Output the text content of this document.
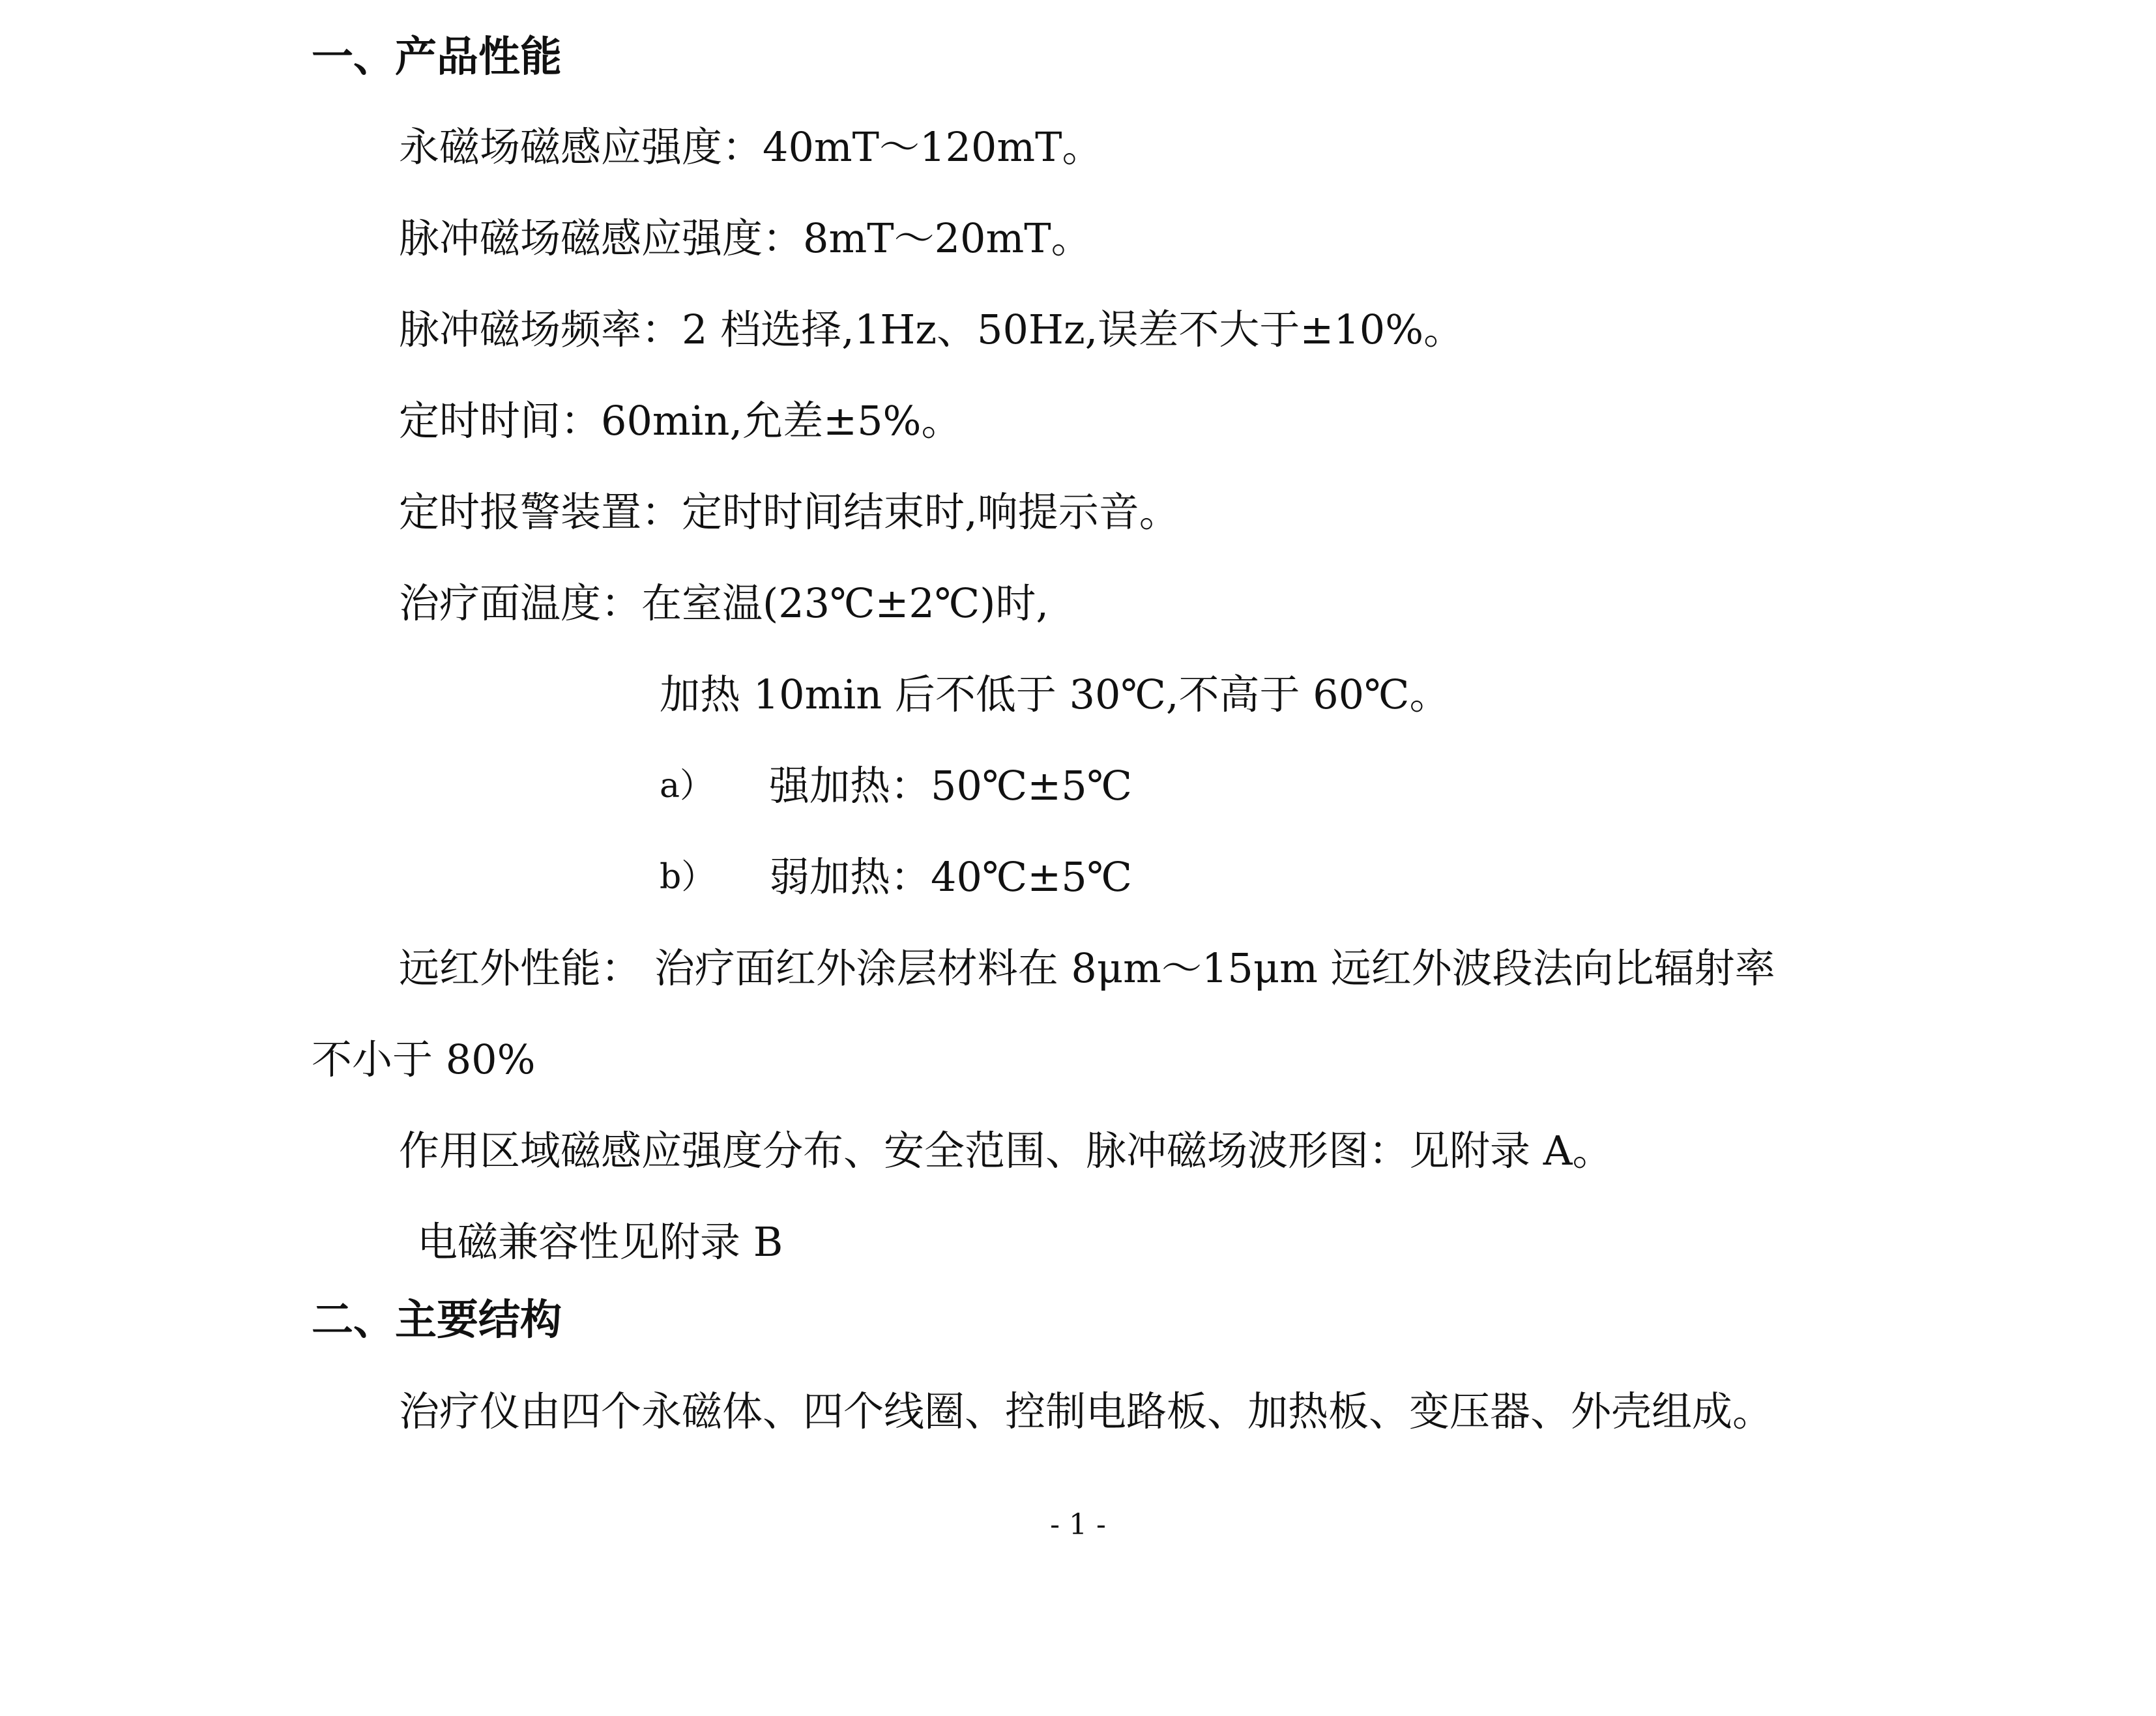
一、产品性能
永磁场磁感应强度：40mT～120mT。
脉冲磁场磁感应强度：8mT～20mT。
脉冲磁场频率：2 档选择,1Hz、50Hz,误差不大于±10%。
定时时间：60min,允差±5%。
定时报警装置：定时时间结束时,响提示音。
治疗面温度：在室温(23℃±2℃)时,
加热 10min 后不低于 30℃,不高于 60℃。
a） 强加热：50℃±5℃
b） 弱加热：40℃±5℃
远红外性能： 治疗面红外涂层材料在 8μm～15μm 远红外波段法向比辐射率
不小于 80%
作用区域磁感应强度分布、安全范围、脉冲磁场波形图：见附录 A。
电磁兼容性见附录 B
二、主要结构
治疗仪由四个永磁体、四个线圈、控制电路板、加热板、变压器、外壳组成。
- 1 -
